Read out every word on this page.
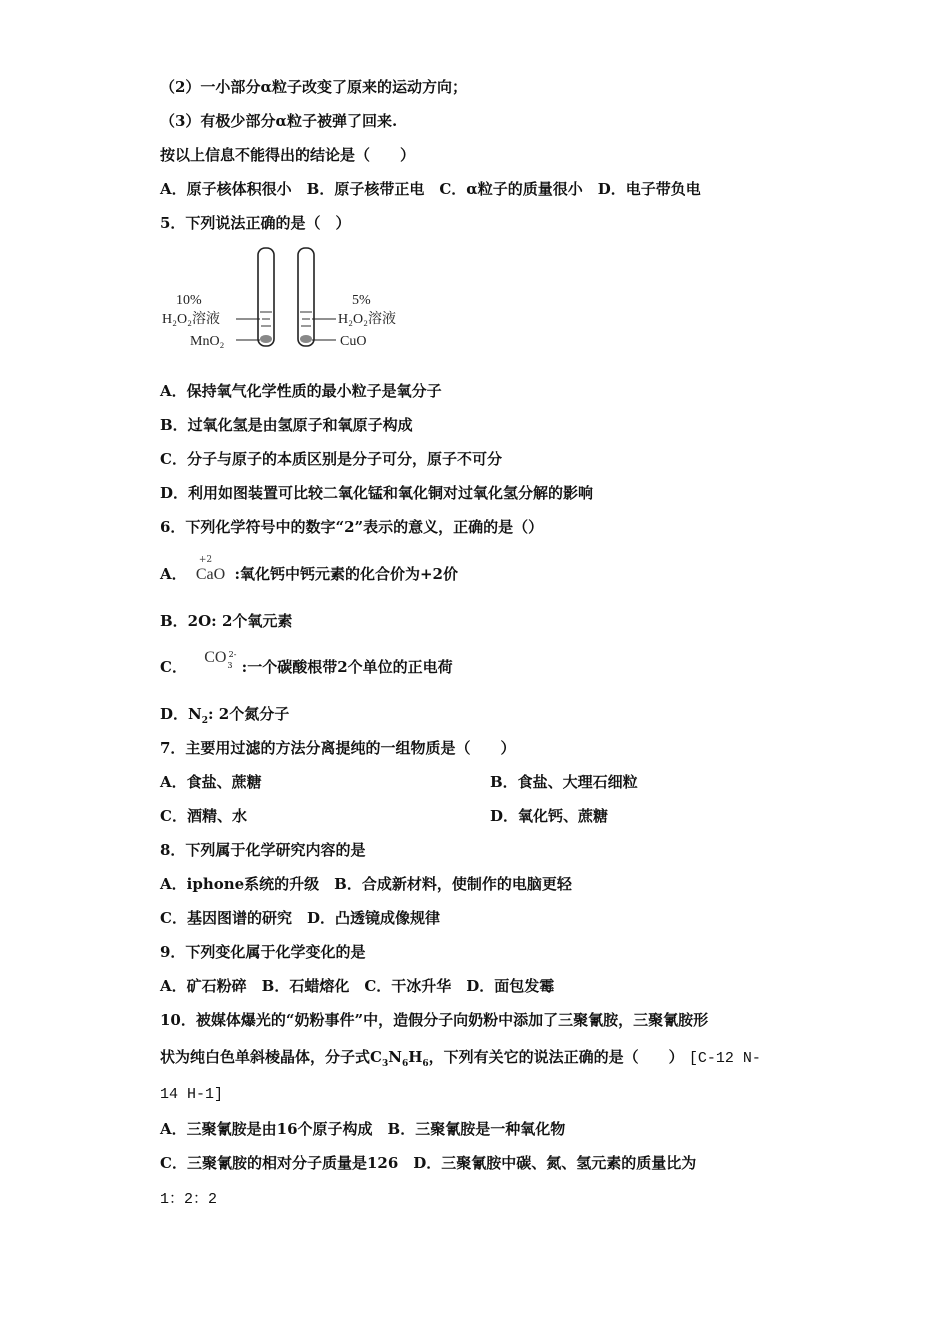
（2）一小部分α粒子改变了原来的运动方向；
（3）有极少部分α粒子被弹了回来.
按以上信息不能得出的结论是（　　）
A．原子核体积很小　B．原子核带正电　C．α粒子的质量很小　D．电子带负电
5．下列说法正确的是（　）
10%
H₂O₂溶液
MnO₂
5%
H₂O₂溶液
CuO
A．保持氧气化学性质的最小粒子是氧分子
B．过氧化氢是由氢原子和氧原子构成
C．分子与原子的本质区别是分子可分，原子不可分
D．利用如图装置可比较二氧化锰和氧化铜对过氧化氢分解的影响
6．下列化学符号中的数字“2”表示的意义，正确的是（）
A．
+2
CaO :氧化钙中钙元素的化合价为+2价
B．2O: 2个氧元素
C． CO 2-
3 :一个碳酸根带2个单位的正电荷
D．$N_2$: 2个氮分子
7．主要用过滤的方法分离提纯的一组物质是（　　）
A．食盐、蔗糖	B．食盐、大理石细粒
C．酒精、水	D．氧化钙、蔗糖
8．下列属于化学研究内容的是
A．iphone系统的升级　B．合成新材料，使制作的电脑更轻
C．基因图谱的研究　D．凸透镜成像规律
9．下列变化属于化学变化的是
A．矿石粉碎　B．石蜡熔化　C．干冰升华　D．面包发霉
10．被媒体爆光的“奶粉事件”中，造假分子向奶粉中添加了三聚氰胺，三聚氰胺形
状为纯白色单斜棱晶体，分子式$C_3N_6H_6$，下列有关它的说法正确的是（　　） [C-12 N-
14 H-1]
A．三聚氰胺是由16个原子构成　B．三聚氰胺是一种氧化物
C．三聚氰胺的相对分子质量是126　D．三聚氰胺中碳、氮、氢元素的质量比为
1：2：2
